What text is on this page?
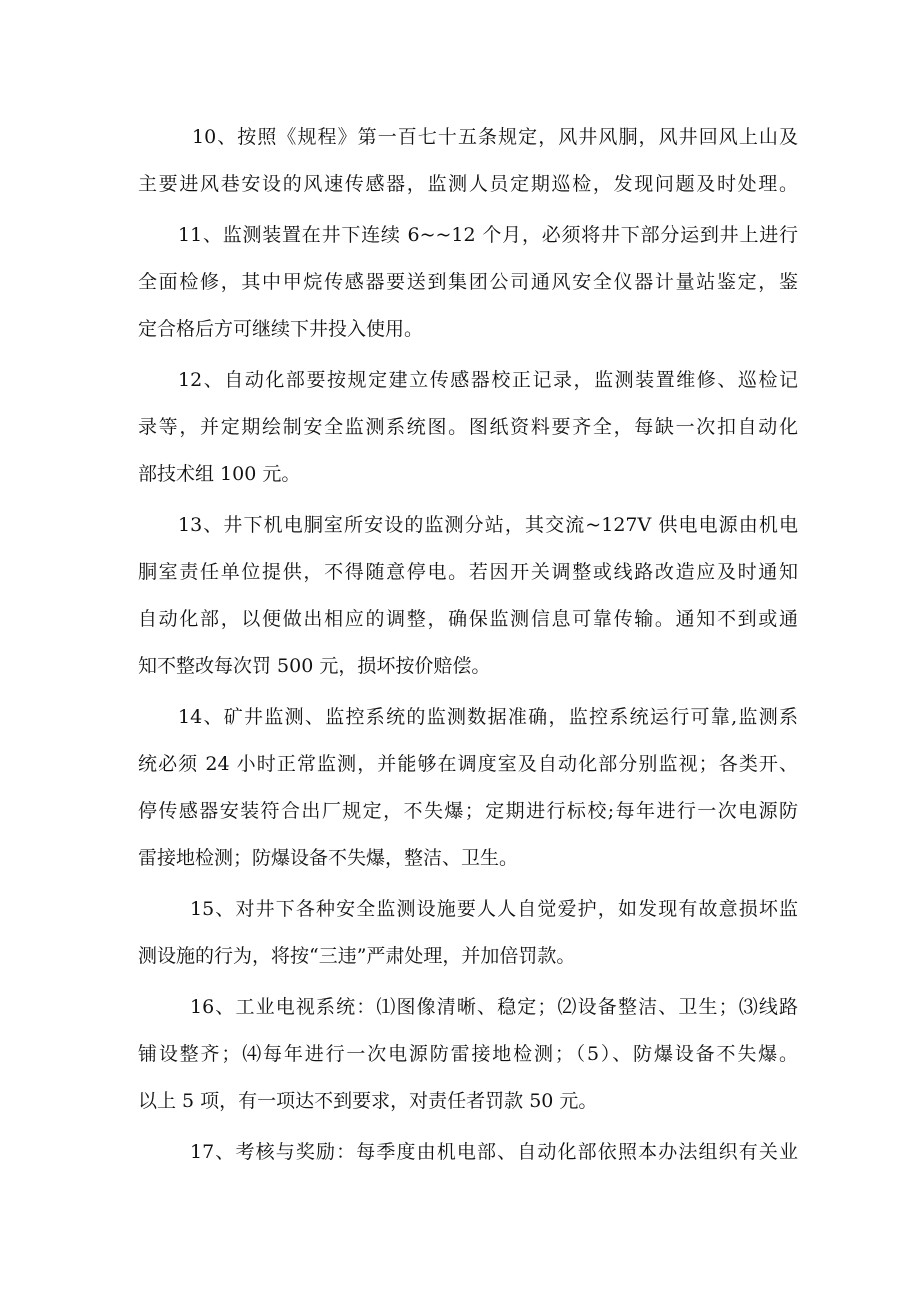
10、按照《规程》第一百七十五条规定，风井风胴，风井回风上山及
主要进风巷安设的风速传感器，监测人员定期巡检，发现问题及时处理。
11、监测装置在井下连续 6~~12 个月，必须将井下部分运到井上进行
全面检修，其中甲烷传感器要送到集团公司通风安全仪器计量站鉴定，鉴
定合格后方可继续下井投入使用。
12、自动化部要按规定建立传感器校正记录，监测装置维修、巡检记
录等，并定期绘制安全监测系统图。图纸资料要齐全，每缺一次扣自动化
部技术组 100 元。
13、井下机电胴室所安设的监测分站，其交流~127V 供电电源由机电
胴室责任单位提供，不得随意停电。若因开关调整或线路改造应及时通知
自动化部，以便做出相应的调整，确保监测信息可靠传输。通知不到或通
知不整改每次罚 500 元，损坏按价赔偿。
14、矿井监测、监控系统的监测数据准确，监控系统运行可靠,监测系
统必须 24 小时正常监测，并能够在调度室及自动化部分别监视；各类开、
停传感器安装符合出厂规定，不失爆；定期进行标校;每年进行一次电源防
雷接地检测；防爆设备不失爆，整洁、卫生。
15、对井下各种安全监测设施要人人自觉爱护，如发现有故意损坏监
测设施的行为，将按“三违”严肃处理，并加倍罚款。
16、工业电视系统：⑴图像清晰、稳定；⑵设备整洁、卫生；⑶线路
铺设整齐；⑷每年进行一次电源防雷接地检测；（5）、防爆设备不失爆。
以上 5 项，有一项达不到要求，对责任者罚款 50 元。
17、考核与奖励：每季度由机电部、自动化部依照本办法组织有关业
